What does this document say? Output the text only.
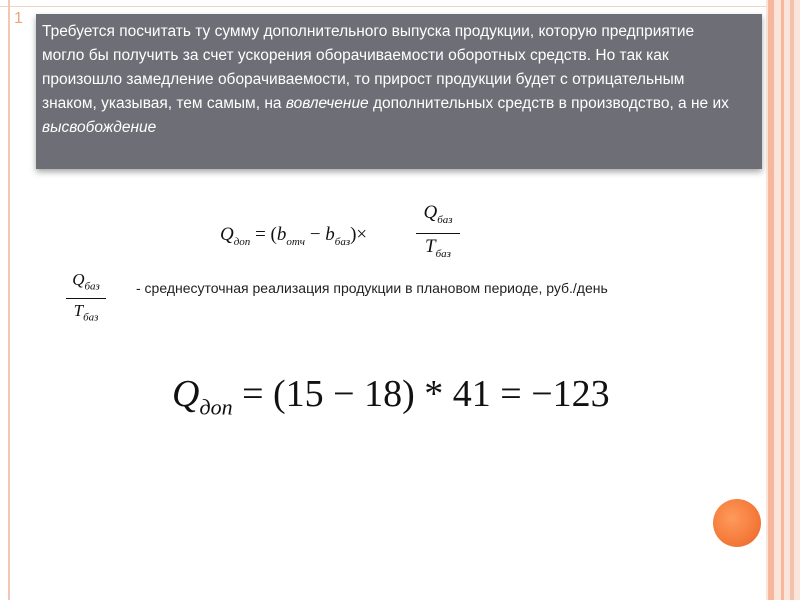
1
Требуется посчитать ту сумму дополнительного выпуска продукции, которую предприятие могло бы получить за счет ускорения оборачиваемости оборотных средств. Но так как произошло замедление оборачиваемости, то прирост продукции будет с отрицательным знаком, указывая, тем самым, на вовлечение дополнительных средств в производство, а не их высвобождение
$Q_{доп} = (b_{отч} - b_{баз})\times$
$Q_{баз}$
$T_{баз}$
$Q_{баз}$
$T_{баз}$
- среднесуточная реализация продукции в плановом периоде, руб./день
$Q_{доп} = (15 - 18) * 41 = -123$
